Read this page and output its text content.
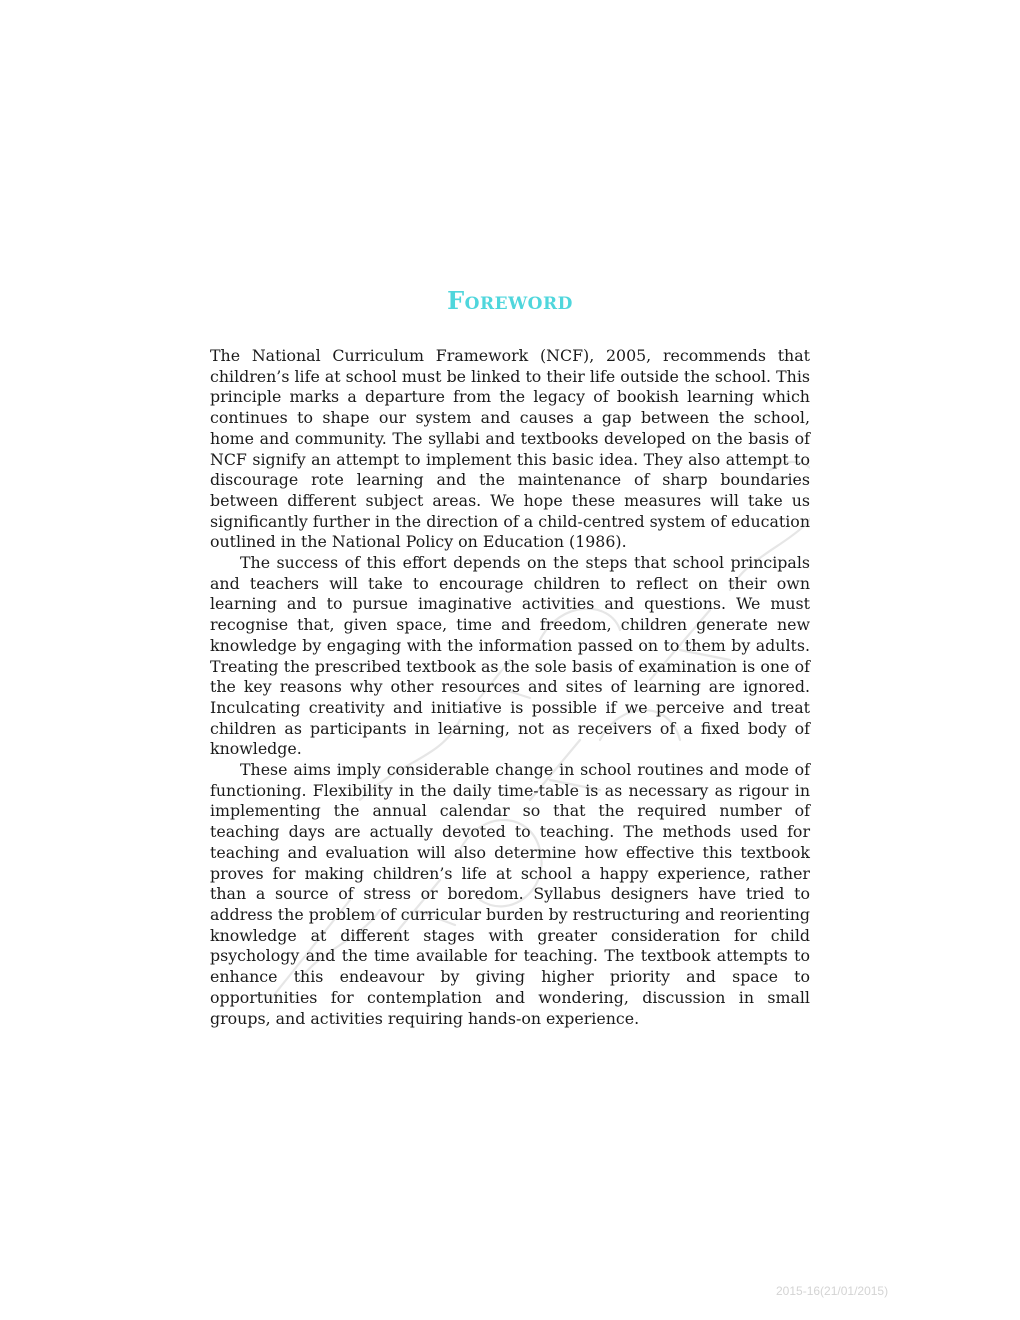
Foreword

The National Curriculum Framework (NCF), 2005, recommends that children’s life at school must be linked to their life outside the school. This principle marks a departure from the legacy of bookish learning which continues to shape our system and causes a gap between the school, home and community. The syllabi and textbooks developed on the basis of NCF signify an attempt to implement this basic idea. They also attempt to discourage rote learning and the maintenance of sharp boundaries between different subject areas. We hope these measures will take us significantly further in the direction of a child-centred system of education outlined in the National Policy on Education (1986).

The success of this effort depends on the steps that school principals and teachers will take to encourage children to reflect on their own learning and to pursue imaginative activities and questions. We must recognise that, given space, time and freedom, children generate new knowledge by engaging with the information passed on to them by adults. Treating the prescribed textbook as the sole basis of examination is one of the key reasons why other resources and sites of learning are ignored. Inculcating creativity and initiative is possible if we perceive and treat children as participants in learning, not as receivers of a fixed body of knowledge.

These aims imply considerable change in school routines and mode of functioning. Flexibility in the daily time-table is as necessary as rigour in implementing the annual calendar so that the required number of teaching days are actually devoted to teaching. The methods used for teaching and evaluation will also determine how effective this textbook proves for making children’s life at school a happy experience, rather than a source of stress or boredom. Syllabus designers have tried to address the problem of curricular burden by restructuring and reorienting knowledge at different stages with greater consideration for child psychology and the time available for teaching. The textbook attempts to enhance this endeavour by giving higher priority and space to opportunities for contemplation and wondering, discussion in small groups, and activities requiring hands-on experience.

2015-16(21/01/2015)
